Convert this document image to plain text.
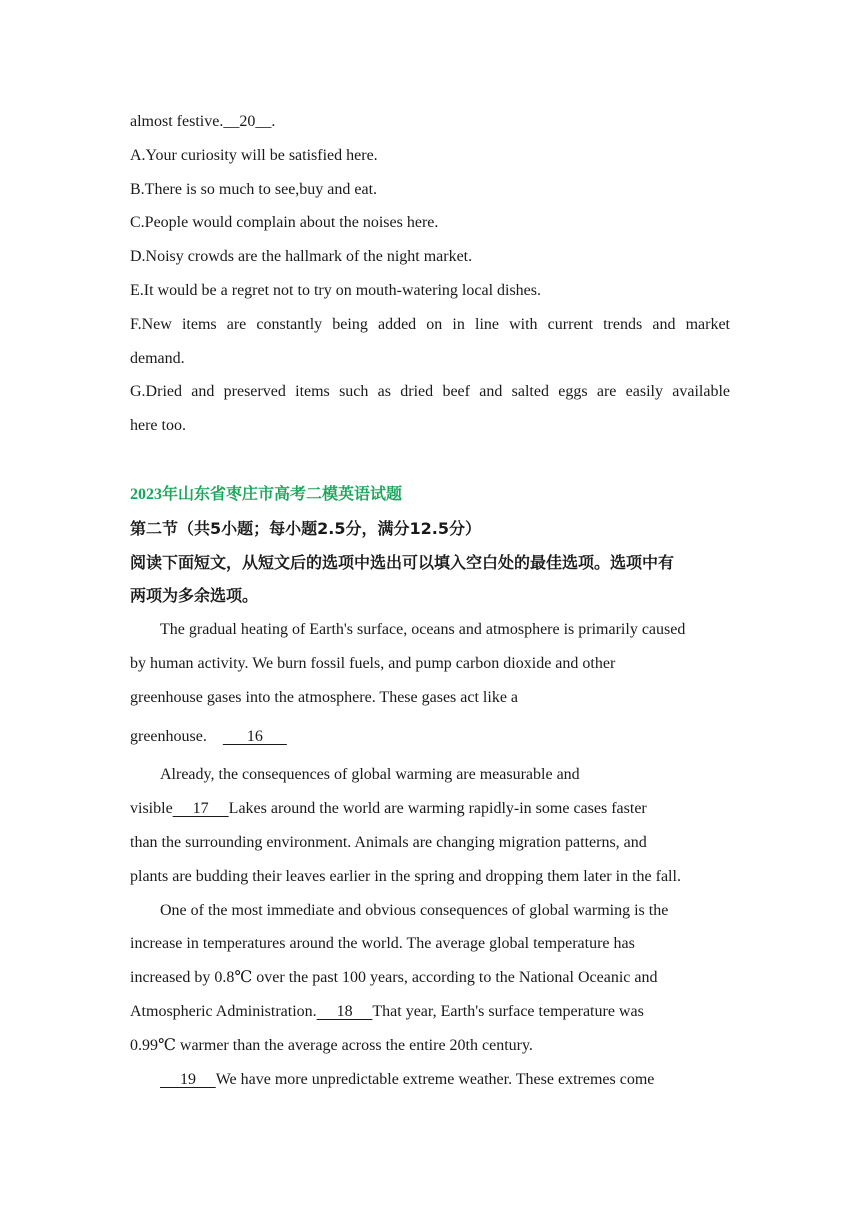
almost festive.__20__.
A.Your curiosity will be satisfied here.
B.There is so much to see,buy and eat.
C.People would complain about the noises here.
D.Noisy crowds are the hallmark of the night market.
E.It would be a regret not to try on mouth-watering local dishes.
F.New items are constantly being added on in line with current trends and market
demand.
G.Dried and preserved items such as dried beef and salted eggs are easily available
here too.
2023年山东省枣庄市高考二模英语试题
第二节（共5小题；每小题2.5分，满分12.5分）
阅读下面短文，从短文后的选项中选出可以填入空白处的最佳选项。选项中有
两项为多余选项。
The gradual heating of Earth's surface, oceans and atmosphere is primarily caused
by human activity. We burn fossil fuels, and pump carbon dioxide and other
greenhouse gases into the atmosphere. These gases act like a
greenhouse.          16
Already, the consequences of global warming are measurable and
visible     17     Lakes around the world are warming rapidly-in some cases faster
than the surrounding environment. Animals are changing migration patterns, and
plants are budding their leaves earlier in the spring and dropping them later in the fall.
One of the most immediate and obvious consequences of global warming is the
increase in temperatures around the world. The average global temperature has
increased by 0.8℃ over the past 100 years, according to the National Oceanic and
Atmospheric Administration.     18     That year, Earth's surface temperature was
0.99℃ warmer than the average across the entire 20th century.
19     We have more unpredictable extreme weather. These extremes come
